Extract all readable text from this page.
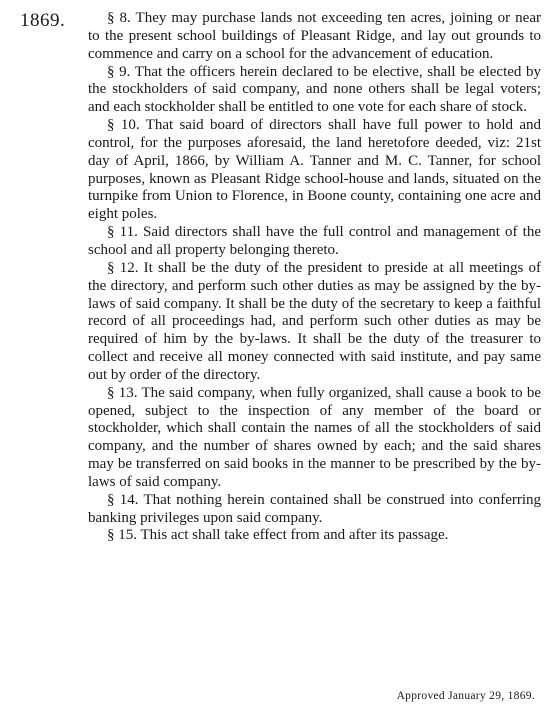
1869.	§ 8. They may purchase lands not exceeding ten acres, joining or near to the present school buildings of Pleasant Ridge, and lay out grounds to commence and carry on a school for the advancement of education.

§ 9. That the officers herein declared to be elective, shall be elected by the stockholders of said company, and none others shall be legal voters; and each stockholder shall be entitled to one vote for each share of stock.

§ 10. That said board of directors shall have full power to hold and control, for the purposes aforesaid, the land heretofore deeded, viz: 21st day of April, 1866, by William A. Tanner and M. C. Tanner, for school purposes, known as Pleasant Ridge school-house and lands, situated on the turnpike from Union to Florence, in Boone county, containing one acre and eight poles.

§ 11. Said directors shall have the full control and management of the school and all property belonging thereto.

§ 12. It shall be the duty of the president to preside at all meetings of the directory, and perform such other duties as may be assigned by the by-laws of said company. It shall be the duty of the secretary to keep a faithful record of all proceedings had, and perform such other duties as may be required of him by the by-laws. It shall be the duty of the treasurer to collect and receive all money connected with said institute, and pay same out by order of the directory.

§ 13. The said company, when fully organized, shall cause a book to be opened, subject to the inspection of any member of the board or stockholder, which shall contain the names of all the stockholders of said company, and the number of shares owned by each; and the said shares may be transferred on said books in the manner to be prescribed by the by-laws of said company.

§ 14. That nothing herein contained shall be construed into conferring banking privileges upon said company.

§ 15. This act shall take effect from and after its passage.

Approved January 29, 1869.
